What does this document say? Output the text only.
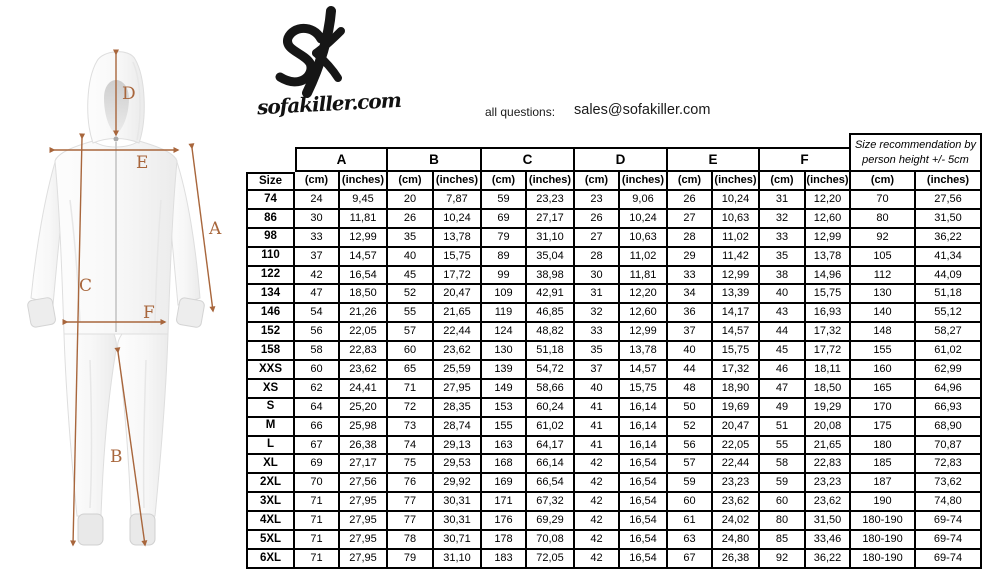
D
E
A
C
F
B
sofakiller.com	all questions: sales@sofakiller.com
Size recommendation by person height +/- 5cm
A	B	C	D	E	F
Size	(cm)	(inches)	(cm)	(inches)	(cm)	(inches)	(cm)	(inches)	(cm)	(inches)	(cm)	(inches)	(cm)	(inches)
74	24	9,45	20	7,87	59	23,23	23	9,06	26	10,24	31	12,20	70	27,56
86	30	11,81	26	10,24	69	27,17	26	10,24	27	10,63	32	12,60	80	31,50
98	33	12,99	35	13,78	79	31,10	27	10,63	28	11,02	33	12,99	92	36,22
110	37	14,57	40	15,75	89	35,04	28	11,02	29	11,42	35	13,78	105	41,34
122	42	16,54	45	17,72	99	38,98	30	11,81	33	12,99	38	14,96	112	44,09
134	47	18,50	52	20,47	109	42,91	31	12,20	34	13,39	40	15,75	130	51,18
146	54	21,26	55	21,65	119	46,85	32	12,60	36	14,17	43	16,93	140	55,12
152	56	22,05	57	22,44	124	48,82	33	12,99	37	14,57	44	17,32	148	58,27
158	58	22,83	60	23,62	130	51,18	35	13,78	40	15,75	45	17,72	155	61,02
XXS	60	23,62	65	25,59	139	54,72	37	14,57	44	17,32	46	18,11	160	62,99
XS	62	24,41	71	27,95	149	58,66	40	15,75	48	18,90	47	18,50	165	64,96
S	64	25,20	72	28,35	153	60,24	41	16,14	50	19,69	49	19,29	170	66,93
M	66	25,98	73	28,74	155	61,02	41	16,14	52	20,47	51	20,08	175	68,90
L	67	26,38	74	29,13	163	64,17	41	16,14	56	22,05	55	21,65	180	70,87
XL	69	27,17	75	29,53	168	66,14	42	16,54	57	22,44	58	22,83	185	72,83
2XL	70	27,56	76	29,92	169	66,54	42	16,54	59	23,23	59	23,23	187	73,62
3XL	71	27,95	77	30,31	171	67,32	42	16,54	60	23,62	60	23,62	190	74,80
4XL	71	27,95	77	30,31	176	69,29	42	16,54	61	24,02	80	31,50	180-190	69-74
5XL	71	27,95	78	30,71	178	70,08	42	16,54	63	24,80	85	33,46	180-190	69-74
6XL	71	27,95	79	31,10	183	72,05	42	16,54	67	26,38	92	36,22	180-190	69-74
